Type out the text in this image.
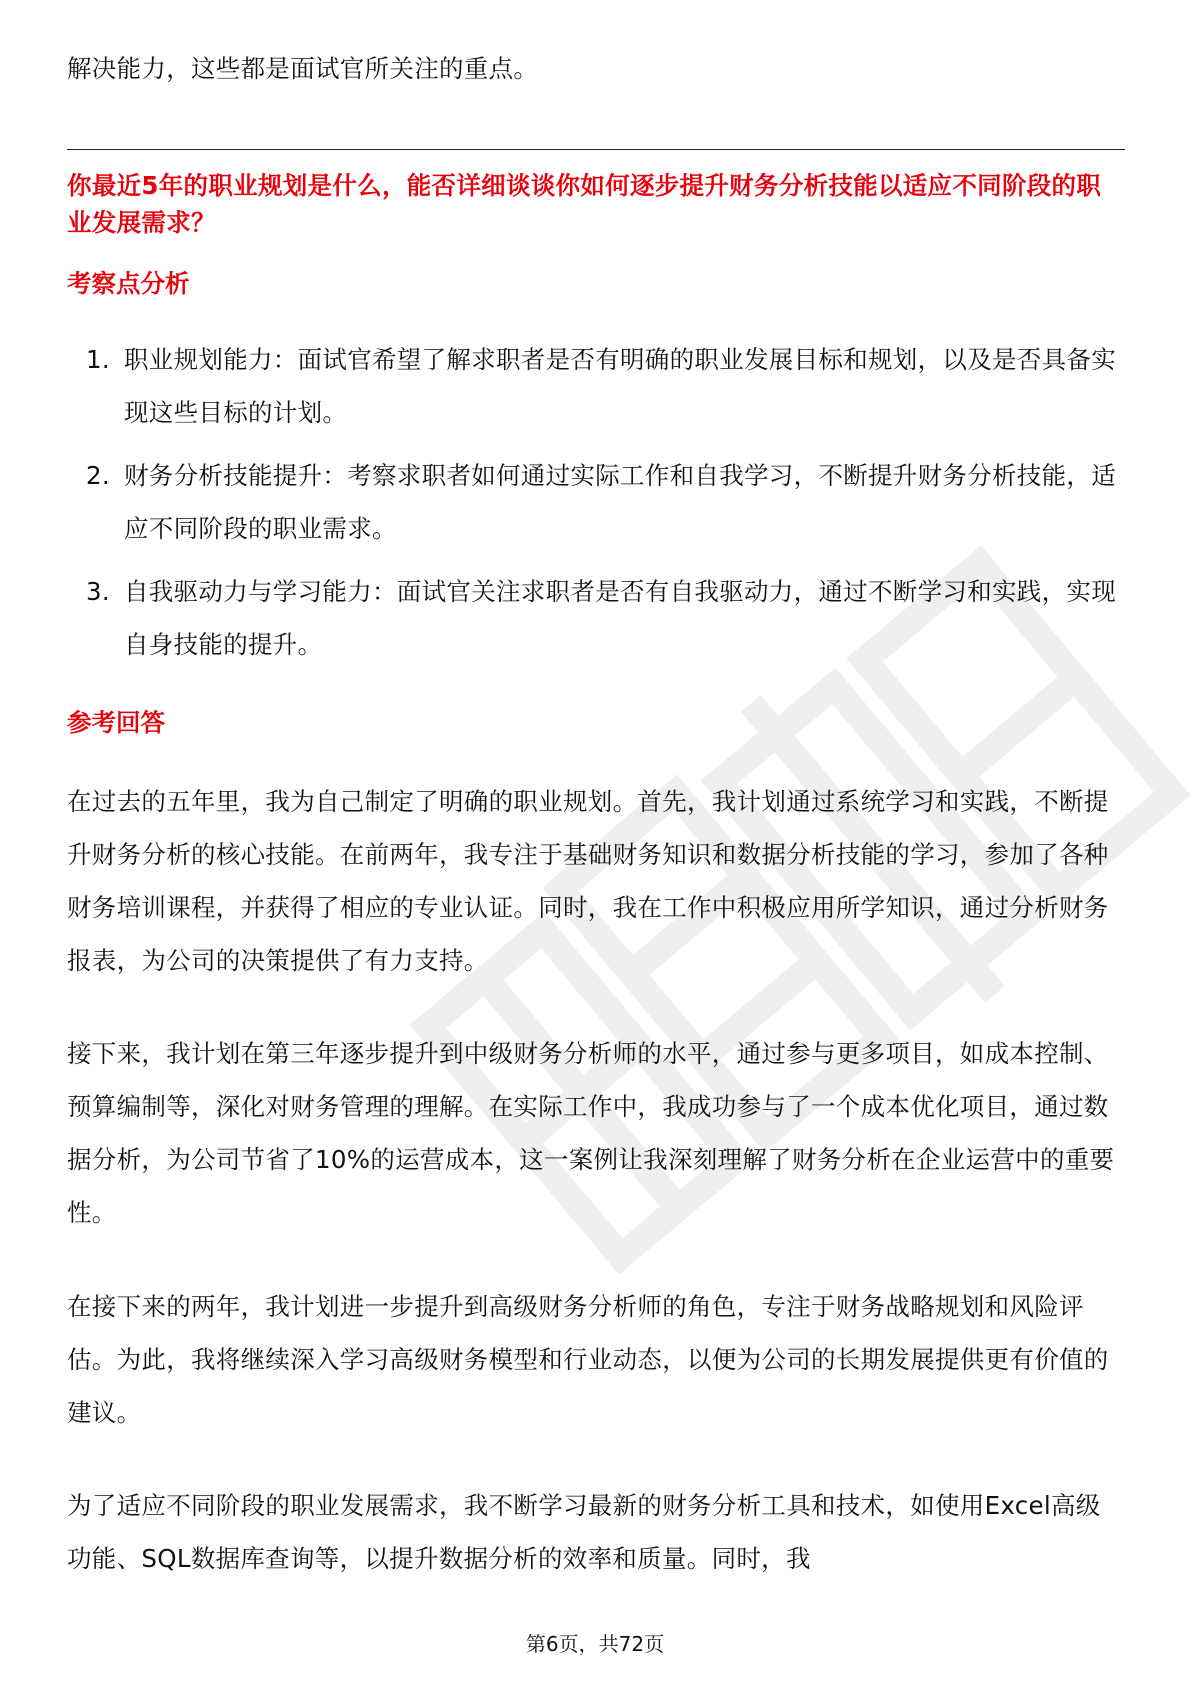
解决能力，这些都是面试官所关注的重点。
你最近5年的职业规划是什么，能否详细谈谈你如何逐步提升财务分析技能以适应不同阶段的职业发展需求？
考察点分析
1. 职业规划能力：面试官希望了解求职者是否有明确的职业发展目标和规划，以及是否具备实现这些目标的计划。
2. 财务分析技能提升：考察求职者如何通过实际工作和自我学习，不断提升财务分析技能，适应不同阶段的职业需求。
3. 自我驱动力与学习能力：面试官关注求职者是否有自我驱动力，通过不断学习和实践，实现自身技能的提升。
参考回答

在过去的五年里，我为自己制定了明确的职业规划。首先，我计划通过系统学习和实践，不断提升财务分析的核心技能。在前两年，我专注于基础财务知识和数据分析技能的学习，参加了各种财务培训课程，并获得了相应的专业认证。同时，我在工作中积极应用所学知识，通过分析财务报表，为公司的决策提供了有力支持。

接下来，我计划在第三年逐步提升到中级财务分析师的水平，通过参与更多项目，如成本控制、预算编制等，深化对财务管理的理解。在实际工作中，我成功参与了一个成本优化项目，通过数据分析，为公司节省了10%的运营成本，这一案例让我深刻理解了财务分析在企业运营中的重要性。

在接下来的两年，我计划进一步提升到高级财务分析师的角色，专注于财务战略规划和风险评估。为此，我将继续深入学习高级财务模型和行业动态，以便为公司的长期发展提供更有价值的建议。

为了适应不同阶段的职业发展需求，我不断学习最新的财务分析工具和技术，如使用Excel高级功能、SQL数据库查询等，以提升数据分析的效率和质量。同时，我

第6页，共72页
